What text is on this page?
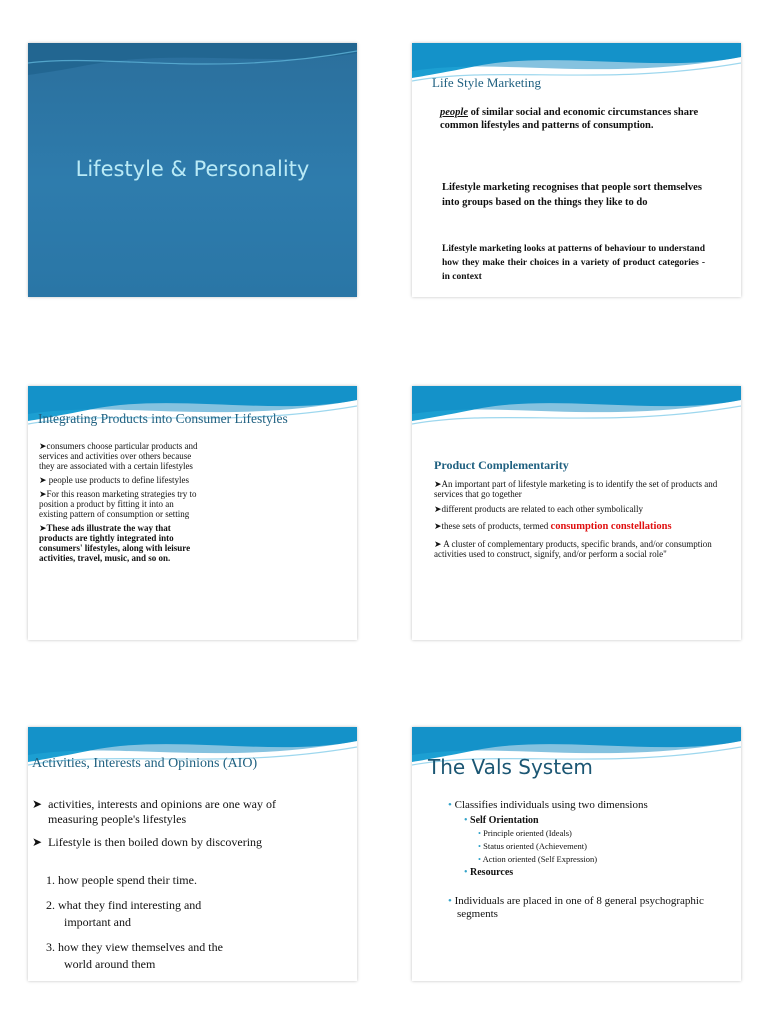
Lifestyle & Personality
Life Style Marketing
people of similar social and economic circumstances share common lifestyles and patterns of consumption.
Lifestyle marketing recognises that people sort themselves into groups based on the things they like to do
Lifestyle marketing looks at patterns of behaviour to understand how they make their choices in a variety of product categories - in context
Integrating Products into Consumer Lifestyles

➤consumers choose particular products and services and activities over others because they are associated with a certain lifestyles

➤ people use products to define lifestyles

➤For this reason marketing strategies try to position a product by fitting it into an existing pattern of consumption or setting

➤These ads illustrate the way that products are tightly integrated into consumers' lifestyles, along with leisure activities, travel, music, and so on.

Product Complementarity

➤An important part of lifestyle marketing is to identify the set of products and services that go together

➤different products are related to each other symbolically

➤these sets of products, termed consumption constellations

➤ A cluster of complementary products, specific brands, and/or consumption activities used to construct, signify, and/or perform a social role"

Activities, Interests and Opinions (AIO)

➤  activities, interests and opinions are one way of measuring people's lifestyles

➤  Lifestyle is then boiled down by discovering

1. how people spend their time.

2. what they find interesting and important and

3. how they view themselves and the world around them

The Vals System

• Classifies individuals using two dimensions

• Self Orientation

• Principle oriented (Ideals)

• Status oriented (Achievement)

• Action oriented (Self Expression)

• Resources

• Individuals are placed in one of 8 general psychographic segments
